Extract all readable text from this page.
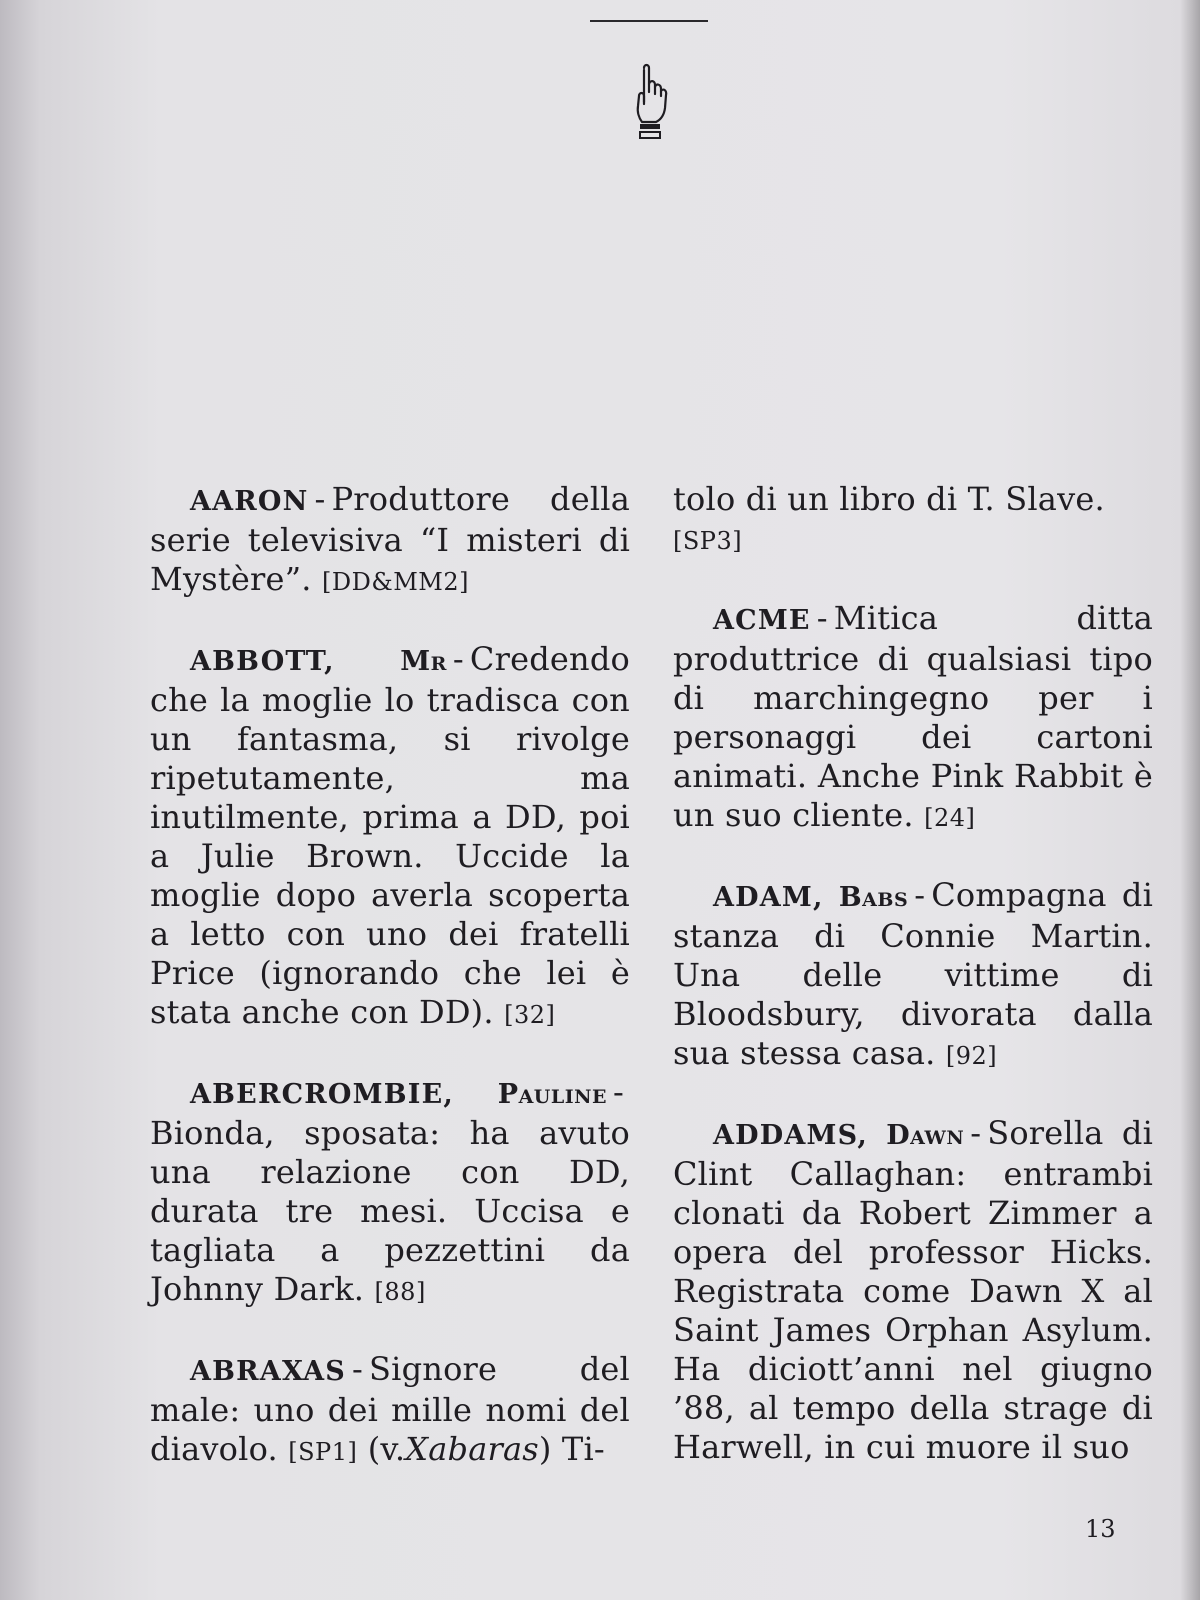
AARON - Produttore della serie televisiva “I misteri di Mystère”. [DD&MM2]

ABBOTT, Mr - Credendo che la moglie lo tradisca con un fantasma, si rivolge ripetutamente, ma inutilmente, prima a DD, poi a Julie Brown. Uccide la moglie dopo averla scoperta a letto con uno dei fratelli Price (ignorando che lei è stata anche con DD). [32]

ABERCROMBIE, Pauline -Bionda, sposata: ha avuto una relazione con DD, durata tre mesi. Uccisa e tagliata a pezzettini da Johnny Dark. [88]

ABRAXAS - Signore del male: uno dei mille nomi del diavolo. [SP1] (v.Xabaras) Ti-

tolo di un libro di T. Slave.
[SP3]

ACME - Mitica ditta produttrice di qualsiasi tipo di marchingegno per i personaggi dei cartoni animati. Anche Pink Rabbit è un suo cliente. [24]

ADAM, Babs - Compagna di stanza di Connie Martin. Una delle vittime di Bloodsbury, divorata dalla sua stessa casa. [92]

ADDAMS, Dawn - Sorella di Clint Callaghan: entrambi clonati da Robert Zimmer a opera del professor Hicks. Registrata come Dawn X al Saint James Orphan Asylum. Ha diciott’anni nel giugno ’88, al tempo della strage di Harwell, in cui muore il suo

13
